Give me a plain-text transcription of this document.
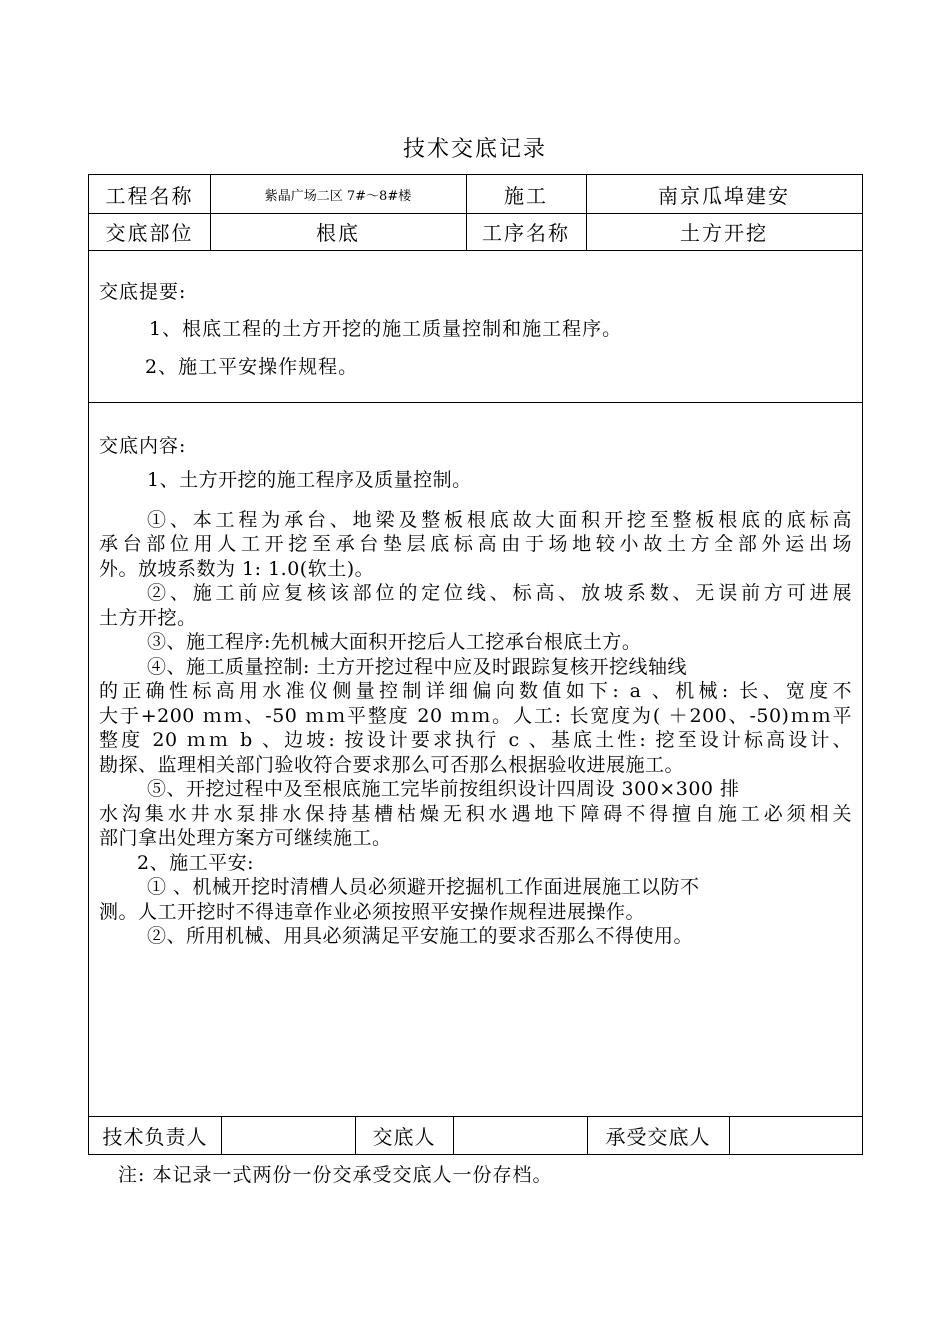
技术交底记录
工程名称	紫晶广场二区 7#～8#楼	施工	南京瓜埠建安
交底部位	根底	工序名称	土方开挖

交底提要:

1、根底工程的土方开挖的施工质量控制和施工程序。

2、施工平安操作规程。

交底内容:

1、土方开挖的施工程序及质量控制。

①、本工程为承台、地梁及整板根底故大面积开挖至整板根底的底标高

承台部位用人工开挖至承台垫层底标高由于场地较小故土方全部外运出场

外。放坡系数为 1: 1.0(软土)。

②、施工前应复核该部位的定位线、标高、放坡系数、无误前方可进展

土方开挖。

③、施工程序:先机械大面积开挖后人工挖承台根底土方。

④、施工质量控制: 土方开挖过程中应及时跟踪复核开挖线轴线

的正确性标高用水准仪侧量控制详细偏向数值如下: a 、机械: 长、宽度不

大于+200 ｍｍ、-50 ｍｍ平整度 20 ｍｍ。人工: 长宽度为( ＋200、-50)ｍｍ平

整度 20 ｍｍ b 、边坡: 按设计要求执行 c 、基底土性: 挖至设计标高设计、

勘探、监理相关部门验收符合要求那么可否那么根据验收进展施工。

⑤、开挖过程中及至根底施工完毕前按组织设计四周设 300×300 排

水沟集水井水泵排水保持基槽枯燥无积水遇地下障碍不得擅自施工必须相关

部门拿出处理方案方可继续施工。

2、施工平安:

① 、机械开挖时清槽人员必须避开挖掘机工作面进展施工以防不

测。人工开挖时不得违章作业必须按照平安操作规程进展操作。

②、所用机械、用具必须满足平安施工的要求否那么不得使用。

技术负责人	交底人	承受交底人
注: 本记录一式两份一份交承受交底人一份存档。
